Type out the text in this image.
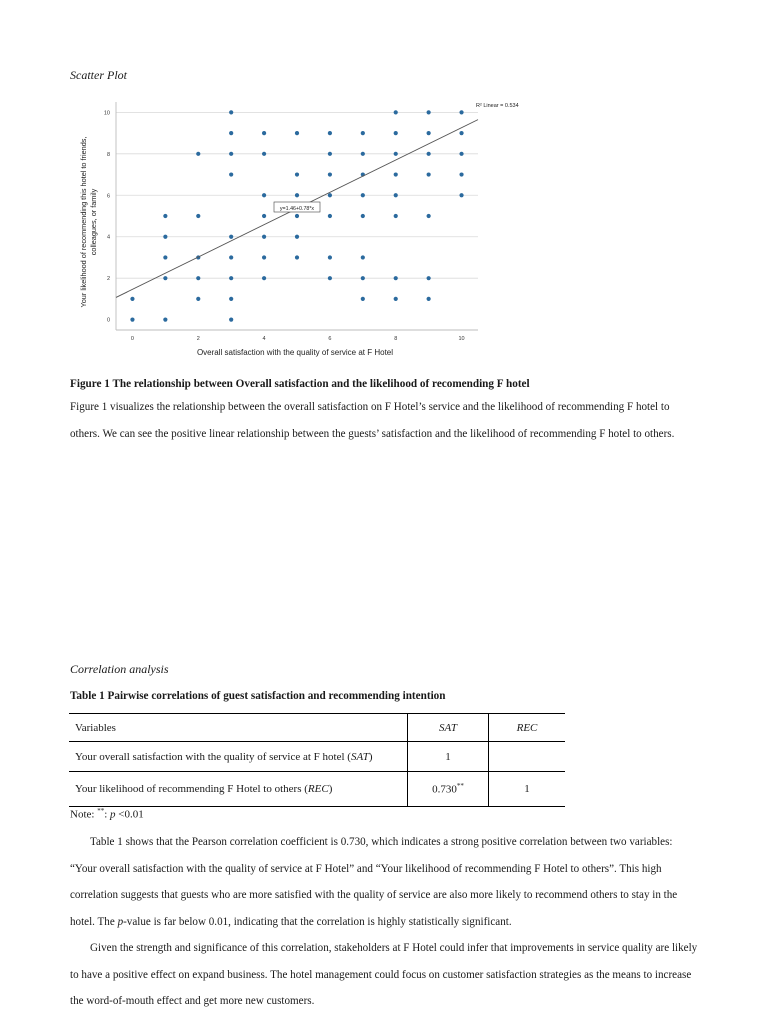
Scatter Plot
0
2
4
6
8
10
0	2	4	6	8	10
Overall satisfaction with the quality of service at F Hotel
Your likelihood of recommending this hotel to friends, colleagues, or family
R² Linear = 0.534
y=1.46+0.78*x
Figure 1 The relationship between Overall satisfaction and the likelihood of recomending F hotel

Figure 1 visualizes the relationship between the overall satisfaction on F Hotel’s service and the likelihood of recommending F hotel to others. We can see the positive linear relationship between the guests’ satisfaction and the likelihood of recommending F hotel to others.

Correlation analysis
Table 1 Pairwise correlations of guest satisfaction and recommending intention
Variables	SAT	REC
Your overall satisfaction with the quality of service at F hotel (SAT)	1	
Your likelihood of recommending F Hotel to others (REC)	0.730**	1
Note: **: p <0.01

Table 1 shows that the Pearson correlation coefficient is 0.730, which indicates a strong positive correlation between two variables: “Your overall satisfaction with the quality of service at F Hotel” and “Your likelihood of recommending F Hotel to others”. This high correlation suggests that guests who are more satisfied with the quality of service are also more likely to recommend others to stay in the hotel. The p-value is far below 0.01, indicating that the correlation is highly statistically significant.

Given the strength and significance of this correlation, stakeholders at F Hotel could infer that improvements in service quality are likely to have a positive effect on expand business. The hotel management could focus on customer satisfaction strategies as the means to increase the word-of-mouth effect and get more new customers.
